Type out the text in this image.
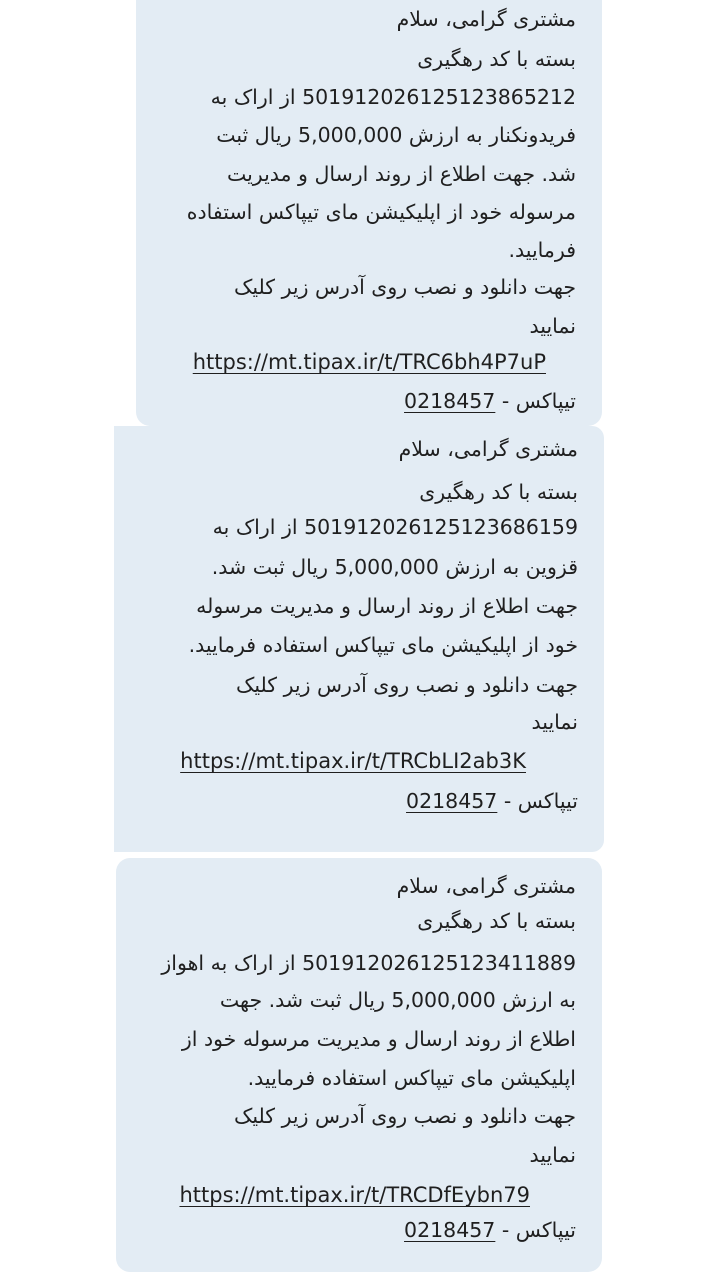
مشتری گرامی، سلام
بسته با کد رهگیری
501912026125123865212 از اراک به
فریدونکنار به ارزش 5,000,000 ریال ثبت
شد. جهت اطلاع از روند ارسال و مدیریت
مرسوله خود از اپلیکیشن مای تیپاکس استفاده
فرمایید.
جهت دانلود و نصب روی آدرس زیر کلیک
نمایید
https://mt.tipax.ir/t/TRC6bh4P7uP
تیپاکس - 0218457
مشتری گرامی، سلام
بسته با کد رهگیری
501912026125123686159 از اراک به
قزوین به ارزش 5,000,000 ریال ثبت شد.
جهت اطلاع از روند ارسال و مدیریت مرسوله
خود از اپلیکیشن مای تیپاکس استفاده فرمایید.
جهت دانلود و نصب روی آدرس زیر کلیک
نمایید
https://mt.tipax.ir/t/TRCbLI2ab3K
تیپاکس - 0218457
مشتری گرامی، سلام
بسته با کد رهگیری
501912026125123411889 از اراک به اهواز
به ارزش 5,000,000 ریال ثبت شد. جهت
اطلاع از روند ارسال و مدیریت مرسوله خود از
اپلیکیشن مای تیپاکس استفاده فرمایید.
جهت دانلود و نصب روی آدرس زیر کلیک
نمایید
https://mt.tipax.ir/t/TRCDfEybn79
تیپاکس - 0218457
